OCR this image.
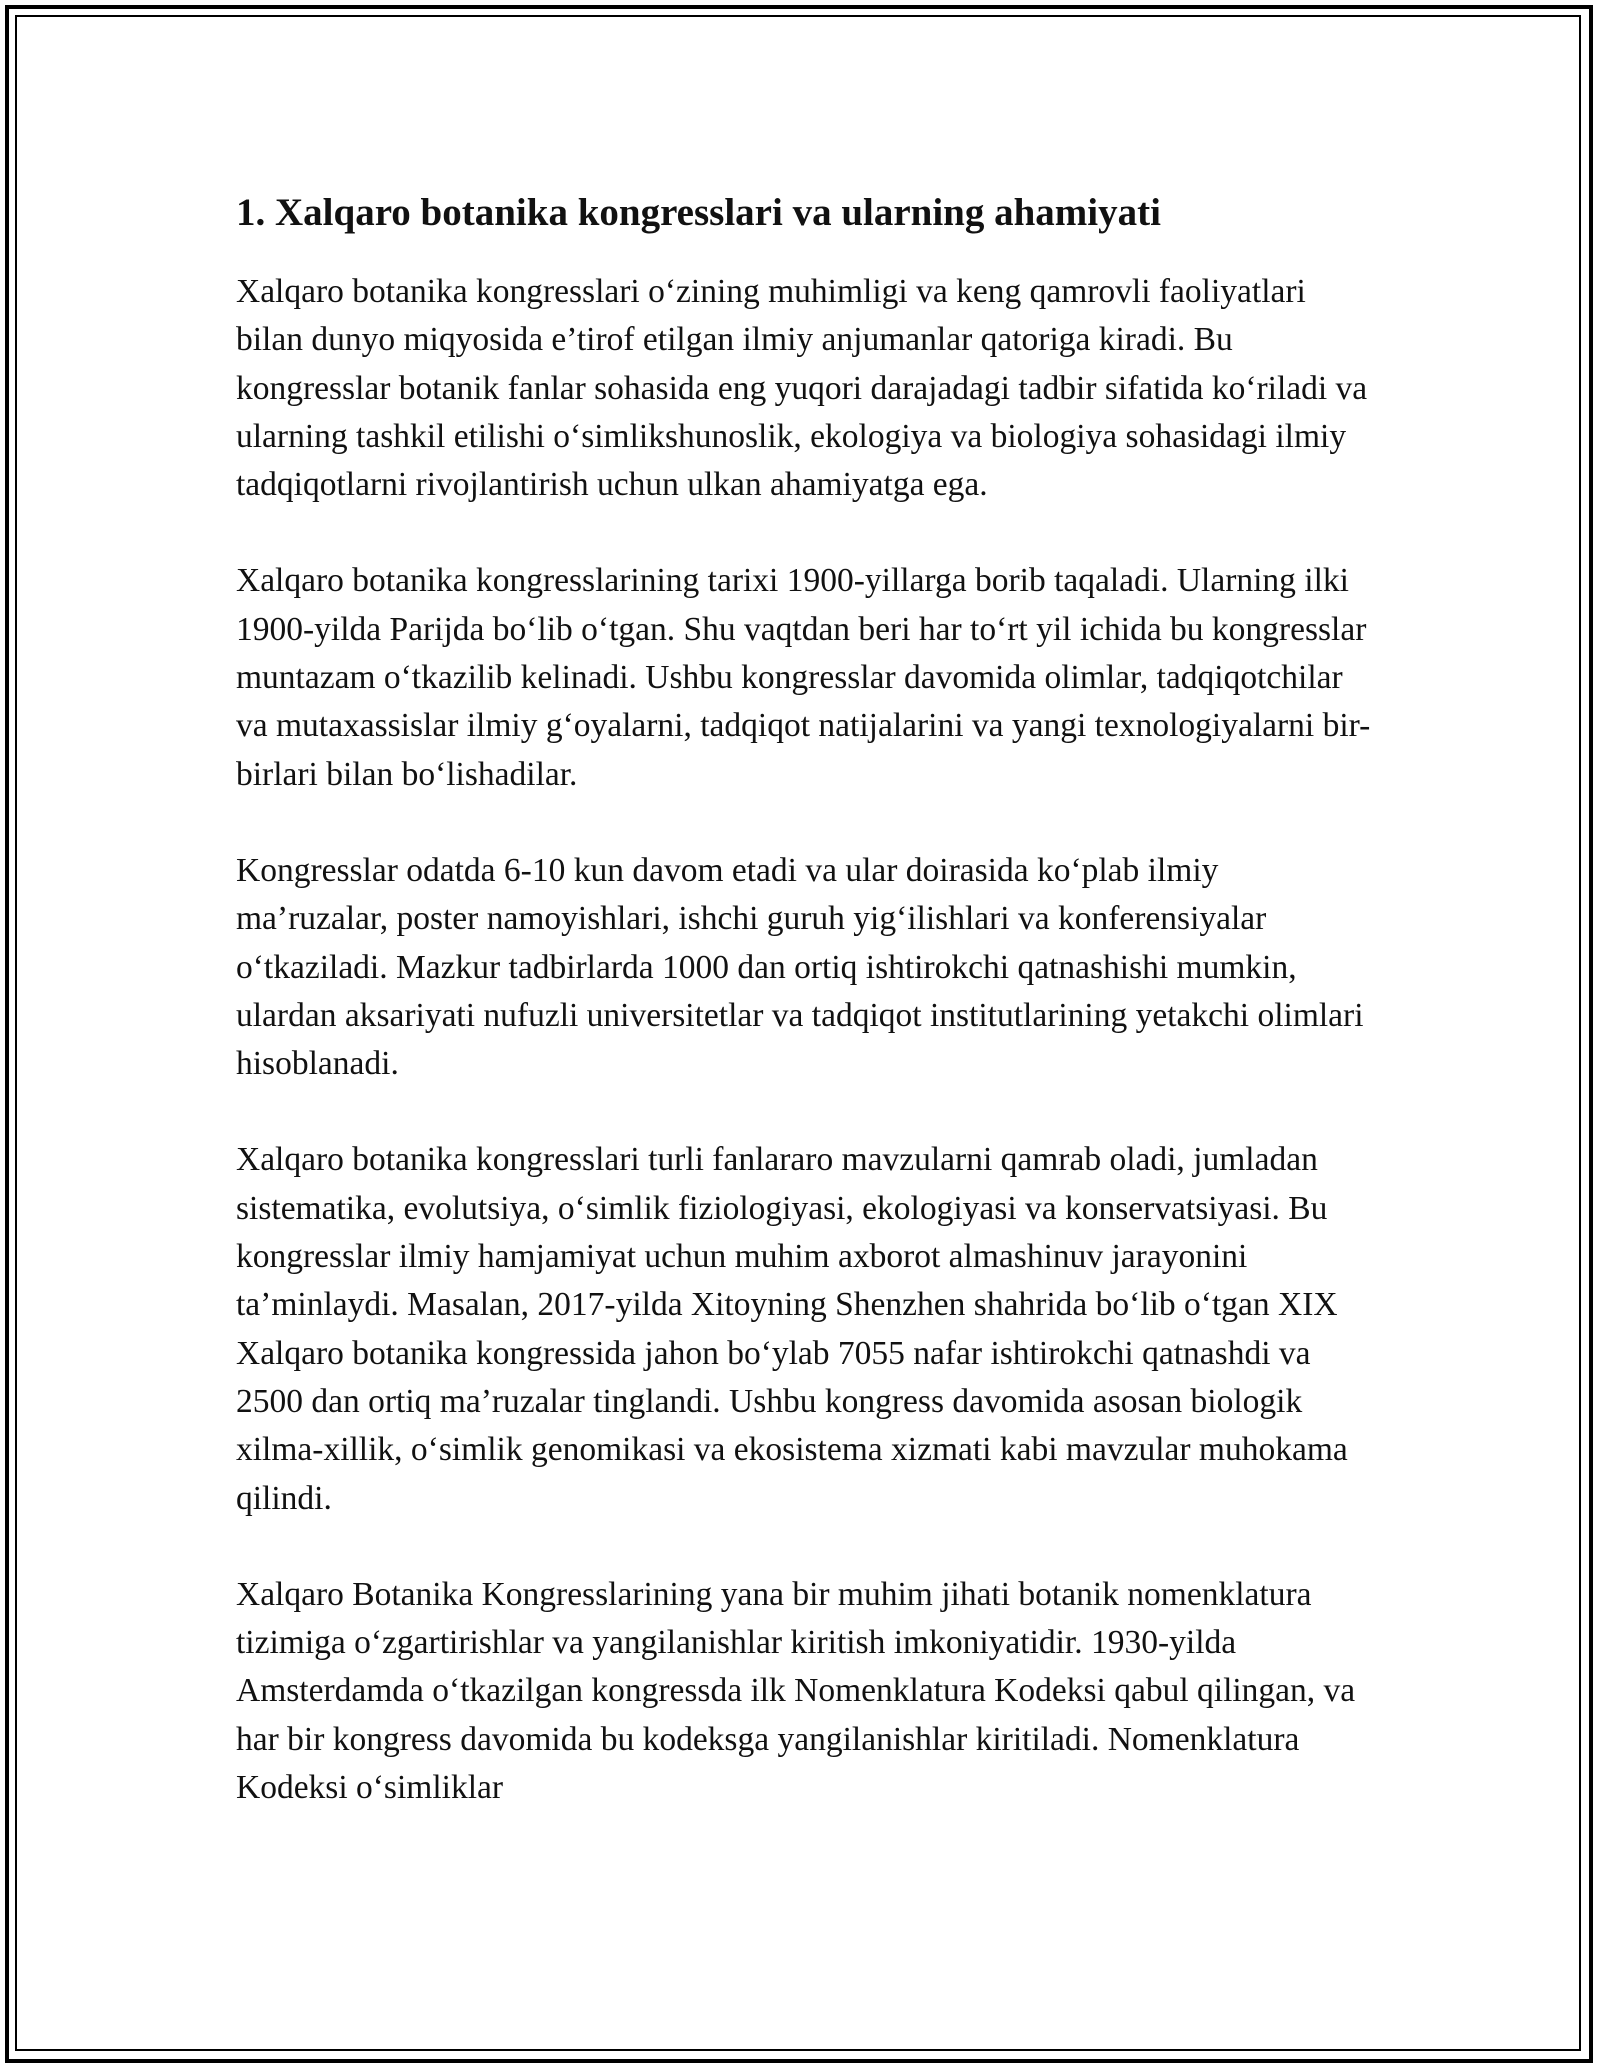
1. Xalqaro botanika kongresslari va ularning ahamiyati

Xalqaro botanika kongresslari o‘zining muhimligi va keng qamrovli faoliyatlari bilan dunyo miqyosida e’tirof etilgan ilmiy anjumanlar qatoriga kiradi. Bu kongresslar botanik fanlar sohasida eng yuqori darajadagi tadbir sifatida ko‘riladi va ularning tashkil etilishi o‘simlikshunoslik, ekologiya va biologiya sohasidagi ilmiy tadqiqotlarni rivojlantirish uchun ulkan ahamiyatga ega.

Xalqaro botanika kongresslarining tarixi 1900-yillarga borib taqaladi. Ularning ilki 1900-yilda Parijda bo‘lib o‘tgan. Shu vaqtdan beri har to‘rt yil ichida bu kongresslar muntazam o‘tkazilib kelinadi. Ushbu kongresslar davomida olimlar, tadqiqotchilar va mutaxassislar ilmiy g‘oyalarni, tadqiqot natijalarini va yangi texnologiyalarni bir-birlari bilan bo‘lishadilar.

Kongresslar odatda 6-10 kun davom etadi va ular doirasida ko‘plab ilmiy ma’ruzalar, poster namoyishlari, ishchi guruh yig‘ilishlari va konferensiyalar o‘tkaziladi. Mazkur tadbirlarda 1000 dan ortiq ishtirokchi qatnashishi mumkin, ulardan aksariyati nufuzli universitetlar va tadqiqot institutlarining yetakchi olimlari hisoblanadi.

Xalqaro botanika kongresslari turli fanlararo mavzularni qamrab oladi, jumladan sistematika, evolutsiya, o‘simlik fiziologiyasi, ekologiyasi va konservatsiyasi. Bu kongresslar ilmiy hamjamiyat uchun muhim axborot almashinuv jarayonini ta’minlaydi. Masalan, 2017-yilda Xitoyning Shenzhen shahrida bo‘lib o‘tgan XIX Xalqaro botanika kongressida jahon bo‘ylab 7055 nafar ishtirokchi qatnashdi va 2500 dan ortiq ma’ruzalar tinglandi. Ushbu kongress davomida asosan biologik xilma-xillik, o‘simlik genomikasi va ekosistema xizmati kabi mavzular muhokama qilindi.

Xalqaro Botanika Kongresslarining yana bir muhim jihati botanik nomenklatura tizimiga o‘zgartirishlar va yangilanishlar kiritish imkoniyatidir. 1930-yilda Amsterdamda o‘tkazilgan kongressda ilk Nomenklatura Kodeksi qabul qilingan, va har bir kongress davomida bu kodeksga yangilanishlar kiritiladi. Nomenklatura Kodeksi o‘simliklar
